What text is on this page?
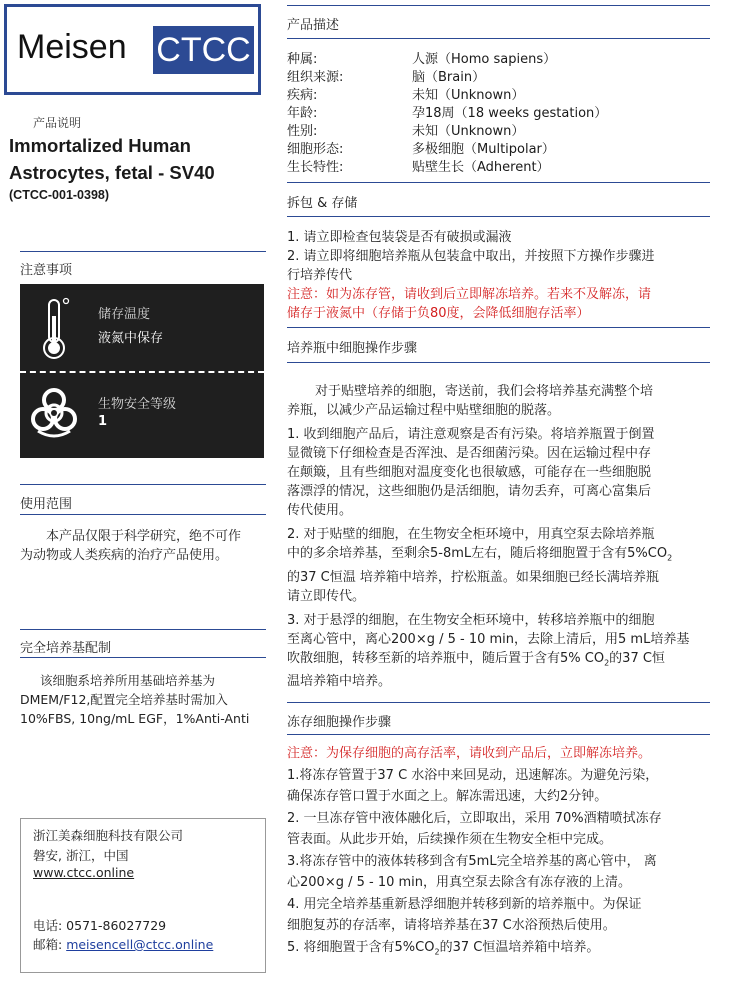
Meisen CTCC
产品说明
Immortalized Human
Astrocytes, fetal - SV40
(CTCC-001-0398)
注意事项
储存温度
液氮中保存
生物安全等级
1
使用范围
本产品仅限于科学研究，绝不可作
为动物或人类疾病的治疗产品使用。
完全培养基配制
该细胞系培养所用基础培养基为
DMEM/F12,配置完全培养基时需加入
10%FBS, 10ng/mL EGF，1%Anti-Anti
浙江美森细胞科技有限公司
磐安, 浙江，中国
www.ctcc.online
电话: 0571-86027729
邮箱: meisencell@ctcc.online
产品描述
种属:	人源（Homo sapiens）
组织来源:	脑（Brain）
疾病:	未知（Unknown）
年龄:	孕18周（18 weeks gestation）
性别:	未知（Unknown）
细胞形态:	多极细胞（Multipolar）
生长特性:	贴壁生长（Adherent）
拆包 & 存储
1. 请立即检查包装袋是否有破损或漏液
2. 请立即将细胞培养瓶从包装盒中取出，并按照下方操作步骤进
行培养传代
注意：如为冻存管，请收到后立即解冻培养。若来不及解冻，请
储存于液氮中（存储于负80度，会降低细胞存活率）
培养瓶中细胞操作步骤
对于贴壁培养的细胞，寄送前，我们会将培养基充满整个培
养瓶，以减少产品运输过程中贴壁细胞的脱落。
1. 收到细胞产品后，请注意观察是否有污染。将培养瓶置于倒置
显微镜下仔细检查是否浑浊、是否细菌污染。因在运输过程中存
在颠簸，且有些细胞对温度变化也很敏感，可能存在一些细胞脱
落漂浮的情况，这些细胞仍是活细胞，请勿丢弃，可离心富集后
传代使用。
2. 对于贴壁的细胞，在生物安全柜环境中，用真空泵去除培养瓶
中的多余培养基，至剩余5-8mL左右，随后将细胞置于含有$5\%CO_2$
的37 C恒温 培养箱中培养，拧松瓶盖。如果细胞已经长满培养瓶
请立即传代。
3. 对于悬浮的细胞，在生物安全柜环境中，转移培养瓶中的细胞
至离心管中，离心200×g / 5 - 10 min，去除上清后，用5 mL培养基
吹散细胞，转移至新的培养瓶中，随后置于含有5% $CO_2$的37 C恒
温培养箱中培养。
冻存细胞操作步骤
注意：为保存细胞的高存活率，请收到产品后，立即解冻培养。
1.将冻存管置于37 C 水浴中来回晃动，迅速解冻。为避免污染，
确保冻存管口置于水面之上。解冻需迅速，大约2分钟。
2. 一旦冻存管中液体融化后，立即取出，采用 70%酒精喷拭冻存
管表面。从此步开始，后续操作须在生物安全柜中完成。
3.将冻存管中的液体转移到含有5mL完全培养基的离心管中， 离
心200×g / 5 - 10 min，用真空泵去除含有冻存液的上清。
4. 用完全培养基重新悬浮细胞并转移到新的培养瓶中。为保证
细胞复苏的存活率，请将培养基在37 C水浴预热后使用。
5. 将细胞置于含有$5\%CO_2$的37 C恒温培养箱中培养。
